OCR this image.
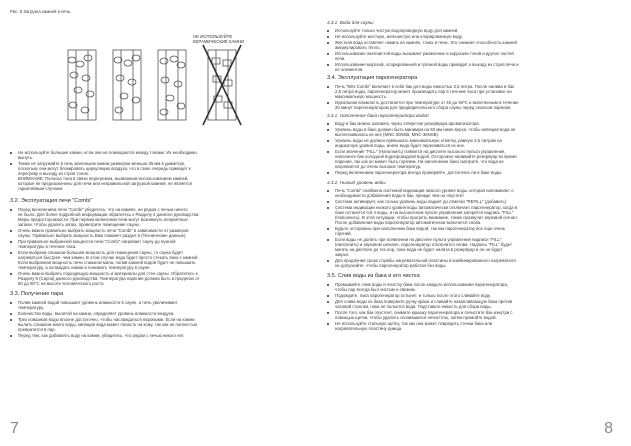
Рис. 8 Загрузка камней в печь.
НЕ ИСПОЛЬЗУЙТЕ
КЕРАМИЧЕСКИЕ КАМНИ
Не используйте большие камни, если они не помещаются между тэнами. Их необходимо
вынуть.
Также не загружайте в печь маленькие камни размером меньше 35 мм в диаметре,
поскольку они могут блокировать циркуляцию воздуха, что в свою очередь приведет к
перегреву и выходу из строя тэнов.
ВНИМАНИЕ: Полоска тэна в связи перегревом, вызванным использованием камней,
которые не предназначены для печи или неправильной загрузкой камней, не является
гарантийным случаем.
3.2. Эксплуатация печи "Combi"
Перед включением печи "Combi" убедитесь, что на камнях, ни рядом с печью ничего
не было. Для более подробной информации обратитесь к Разделу 4 данного руководства:
Меры предосторожности. При первом включении печи могут возникнуть неприятные
запахи. Чтобы удалить запах, проветрите помещение сауны.
Очень важно правильно выбрать мощность печи "Combi" в зависимости от размеров
сауны. Правильно выбрать мощность Вам поможет раздел 6 (Технические данные).
При правильно выбранной мощности печи "Combi" нагревает сауну до нужной
температуры в течение часа.
Если выбрана слишком большая мощность для помещения сауны, то сауна будет
нагреваться быстрее, чем камни. В этом случае вода будет просто стекать вниз с камней.
Если выбранная мощность печи слишком мала, полив камней водой будет не повышать
температуру, а охлаждать камни и понижать температуру в сауне.
Очень важно выбрать подходящую мощность и материалы для стен сауны. Обратитесь к
Разделу 8 (Сауна) данного руководства. Температура парения должна быть в пределах от
60 до 80°С на высоте человеческого роста.
3.3. Получение пара
Полив камней водой повышает уровень влажности в сауне, а печь увеличивает
температуру.
Количество воды, вылитой на камни, определяет уровень влажности воздуха.
Трех ковшиков воды вполне достаточно, чтобы наслаждаться паровыми. Если на камни
вылить слишком много воды, кипящая вода может попасть на кожу, так как не полностью
превратится в пар.
Перед тем, как добавлять воду на камни, убедитесь, что рядом с печью никого нет.
7
3.3.1. Вода для сауны
Используйте только чистую водопроводную воду для камней.
Не используйте жесткую, железистую или хлорированную воду.
Жесткая вода оставляет накипь на камнях, тэнах и печи. Это снижает способность камней
аккумулировать тепло.
Использование железистой воды вызывает ржавление и коррозию тэнов и других частей
печи.
Использование морской, хлорированной и грязной воды приводит к выходу из строя печи и
ее элементов.
3.4. Эксплуатация парогенератора
Печь "Mini Combi" включает в себя бак для воды емкостью 2,5 литра. После налива в бак
2,5 литра воды, парогенератор может производить пар в течение часа при установке на
максимальную мощность.
Идеальная влажность достигается при температуре от 40 до 50ºС и включенным в течение
20 минут парогенератором для предварительного сбора сауны перед сеансом парения.
3.4.1. Наполнение бака парогенератора водой
Воду в бак можно заливать через отверстие резервуара ароматизатора.
Уровень воды в баке должен быть минимум на 50 мм ниже верха, чтобы кипящая вода не
выплескивалась из нее (MNC-30NSB, MNC-36NSB).
Уровень воды не должен превышать максимальную отметку, равную 2,5 литрам на
индикаторе уровня воды, иначе вода будет переливаться из нее.
Если значение "FILL" (Наполнить) появится на дисплее высокого пульта управления,
наполните бак холодной водопроводной водой. Осторожно наливайте резервуар во время
парения, так как он может быть горячим. На наполнение бака смотрите, что вода не
нагревается до очень высоких температур.
Перед включением парогенератора всегда проверяйте, достаточно ли в баке воды.
3.4.2. Низкий уровень воды
Печь "Combi" снабжена системой индикации низкого уровня воды, которая напоминает о
необходимости добавления воды в бак, прежде чем он опустеет.
Система активирует, как только уровень воды падает до отметки "REFILL" (добавить)
Система индикации низкого уровня воды автоматически отключает парогенератор, когда в
баке останется 0,8 л воды, и на высокосном пульте управления загорится надпись "FILL"
(Наполнить). В этой ситуации, чтобы прогреть внимание, также прозвучит звуковой сигнал.
После добавления воды парогенератор автоматически включится снова.
Будьте осторожны при наполнении бака водой, так как парогенератор все еще очень
горячий.
Если воды не долить при появлении на дисплее пульта управления надписи "FILL"
(наполнить) и звуковом сигнале, парогенератор отключится снова. Надпись "FILL" будет
мигать на дисплее до тех пор, пока вода не будет налита в резервуар и он не будет
закрыт.
Для продления срока службы нагревательной пластины и комбинированного нагревателя
не допускайте, чтобы парогенератор работал без воды.
3.5. Слив воды из бака и его чистка
Промывайте слив воды и очистку бака после каждого использования парогенератора,
чтобы пар всегда был чистым и свежим.
Подождите, пока парогенератор остынет, и только после этого сливайте воду.
Для слива воды из бака поверните ручку крана и сливайте накапливающую бака против
часовой стрелки, пока не польется вода. Подставьте емкость для сбора воды.
После того, как бак опустеет, снимите крышку парогенератора и почистите бак изнутри с
помощью щетки, чтобы удалить скопившиеся нечистоты, затем промойте водой.
Не используйте стальную щетку, так как она может повредить стенки бака или
нагревательную пластину днища.
8
